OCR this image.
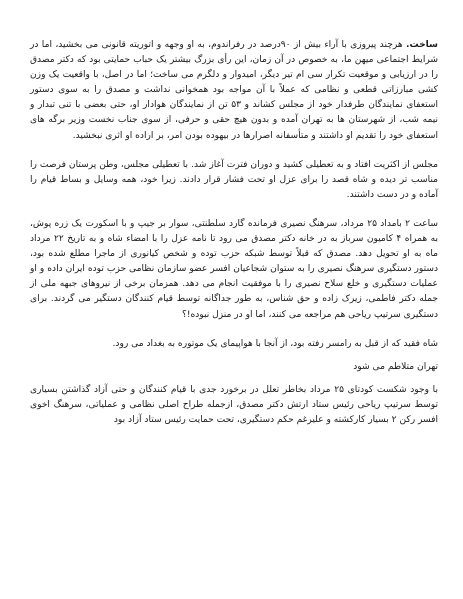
ساخت. هرچند پیروزی با آراء بیش از ۹۰درصد در رفراندوم، به او وجهه و اتوریته قانونی می بخشید، اما در شرایط اجتماعی میهن ما، به خصوص در آن زمان، این رأی بزرگ بیشتر یک حباب حمایتی بود که دکتر مصدق را در ارزیابی و موقعیت تکرار سی ام تیر دیگر، امیدوار و دلگرم می ساخت؛ اما در اصل، با واقعیت یک وزن کشی مبارزاتی قطعی و نظامی که عملاً با آن مواجه بود همخوانی نداشت و مصدق را به سوی دستور استعفای نمایندگان طرفدار خود از مجلس کشاند و ۵۳ تن از نمایندگان هوادار او، حتی بعضی با تنی تبدار و نیمه شب، از شهرستان ها به تهران آمده و بدون هیچ حقی و حرفی، از سوی جناب نخست وزیر برگه های استعفای خود را تقدیم او داشتند و متأسفانه اصرارها در بیهوده بودن امر، بر اراده او اثری نبخشید.

مجلس از اکثریت افتاد و به تعطیلی کشید و دوران فترت آغاز شد. با تعطیلی مجلس، وطن پرستان فرصت را مناسب تر دیده و شاه قصد را برای عزل او تحت فشار قرار دادند. زیرا خود، همه وسایل و بساط قیام را آماده و در دست داشتند.

ساعت ۲ بامداد ۲۵ مرداد، سرهنگ نصیری فرمانده گارد سلطنتی، سوار بر جیپ و با اسکورت یک زره پوش، به همراه ۴ کامیون سرباز به در خانه دکتر مصدق می رود تا نامه عزل را با امضاء شاه و به تاریخ ۲۲ مرداد ماه به او تحویل دهد. مصدق که قبلاً توسط شبکه حزب توده و شخص کیانوری از ماجرا مطلع شده بود، دستور دستگیری سرهنگ نصیری را به ستوان شجاعیان افسر عضو سازمان نظامی حزب توده ایران داده و او عملیات دستگیری و خلع سلاح نصیری را با موفقیت انجام می دهد. همزمان برخی از نیروهای جبهه ملی از جمله دکتر فاطمی، زیرک زاده و حق شناس، به طور جداگانه توسط قیام کنندگان دستگیر می گردند. برای دستگیری سرتیپ ریاحی هم مراجعه می کنند، اما او در منزل نبوده!؟

شاه فقید که از قبل به رامسر رفته بود، از آنجا با هواپیمای یک موتوره به بغداد می رود.

تهران متلاطم می شود

با وجود شکست کودتای ۲۵ مرداد بخاطر تعلل در برخورد جدی با قیام کنندگان و حتی آزاد گذاشتن بسیاری توسط سرتیپ ریاحی رئیس ستاد ارتش دکتر مصدق، ازجمله طراح اصلی نظامی و عملیاتی، سرهنگ اخوی افسر رکن ۲ بسیار کارکشته و علیرغم حکم دستگیری، تحت حمایت رئیس ستاد آزاد بود
